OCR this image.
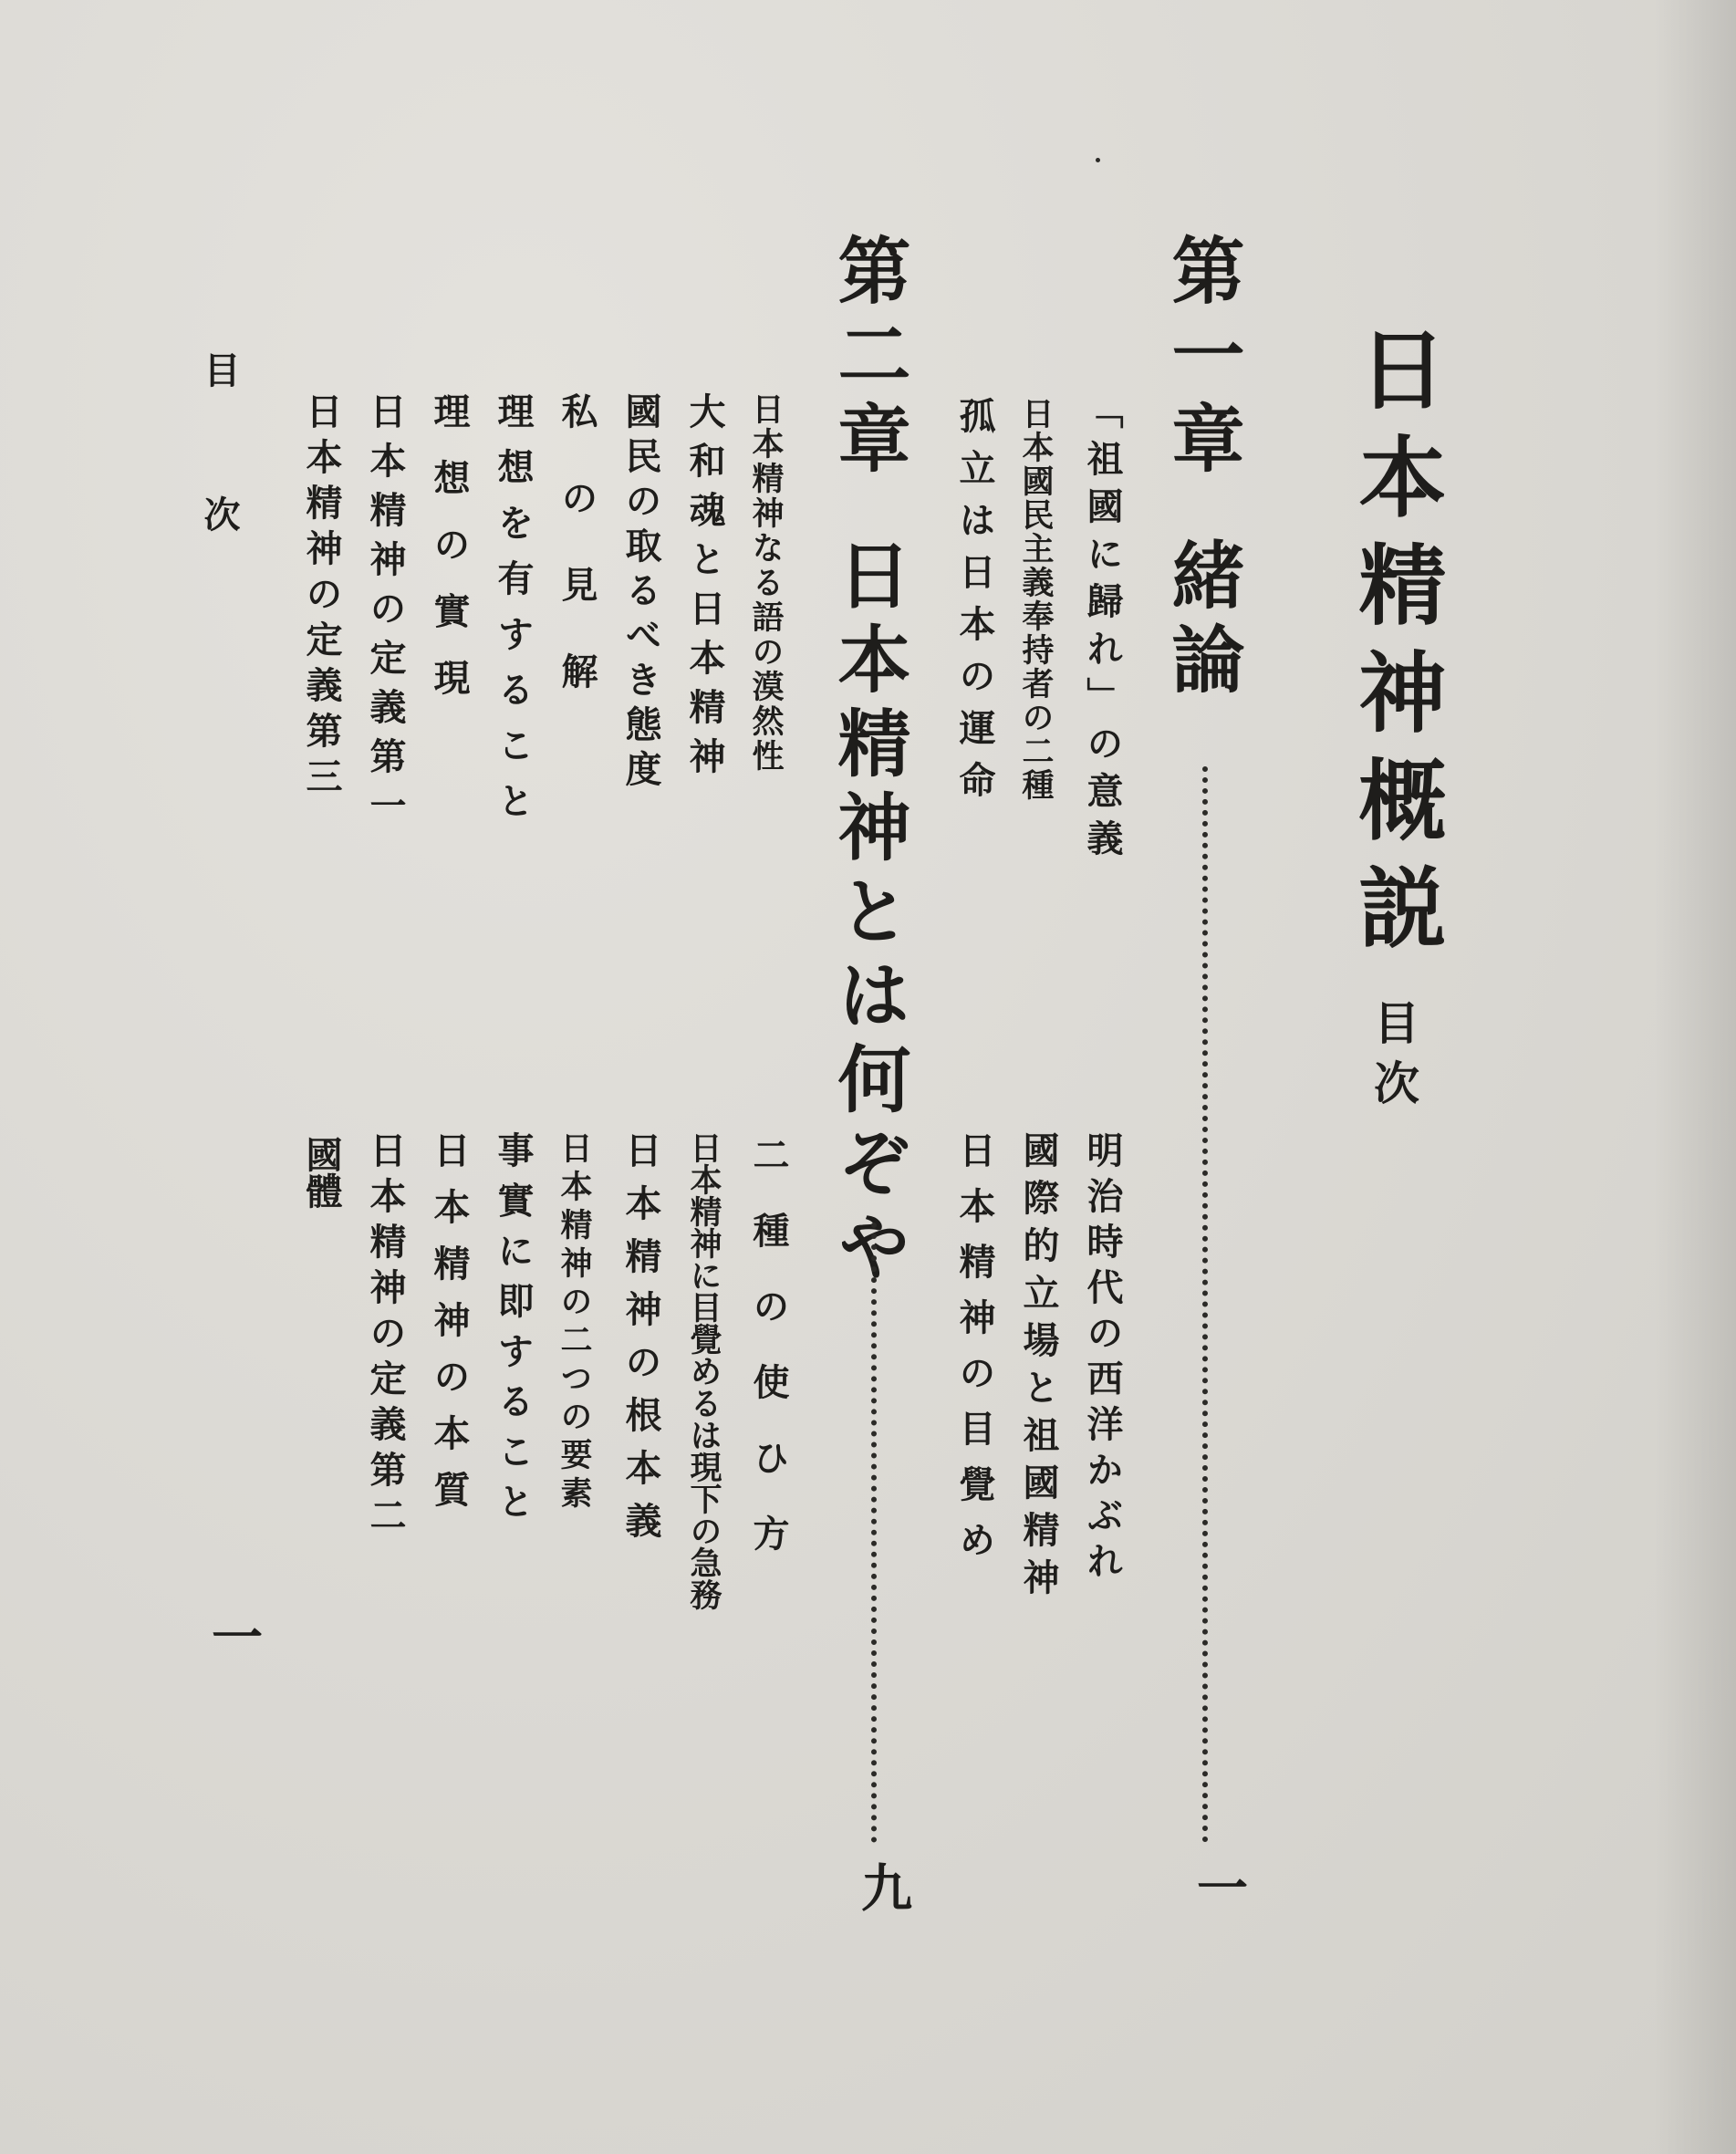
日本精神概説
目次
第一章緒論
一
「祖國に歸れ」の意義
日本國民主義奉持者の二種
孤立は日本の運命
明治時代の西洋かぶれ
國際的立場と祖國精神
日本精神の目覺め
第二章日本精神とは何ぞや
九
日本精神なる語の漠然性
大和魂と日本精神
國民の取るべき態度
私の見解
理想を有すること
理想の實現
日本精神の定義第一
日本精神の定義第三
二種の使ひ方
日本精神に目覺めるは現下の急務
日本精神の根本義
日本精神の二つの要素
事實に即すること
日本精神の本質
日本精神の定義第二
國體
目次
一
